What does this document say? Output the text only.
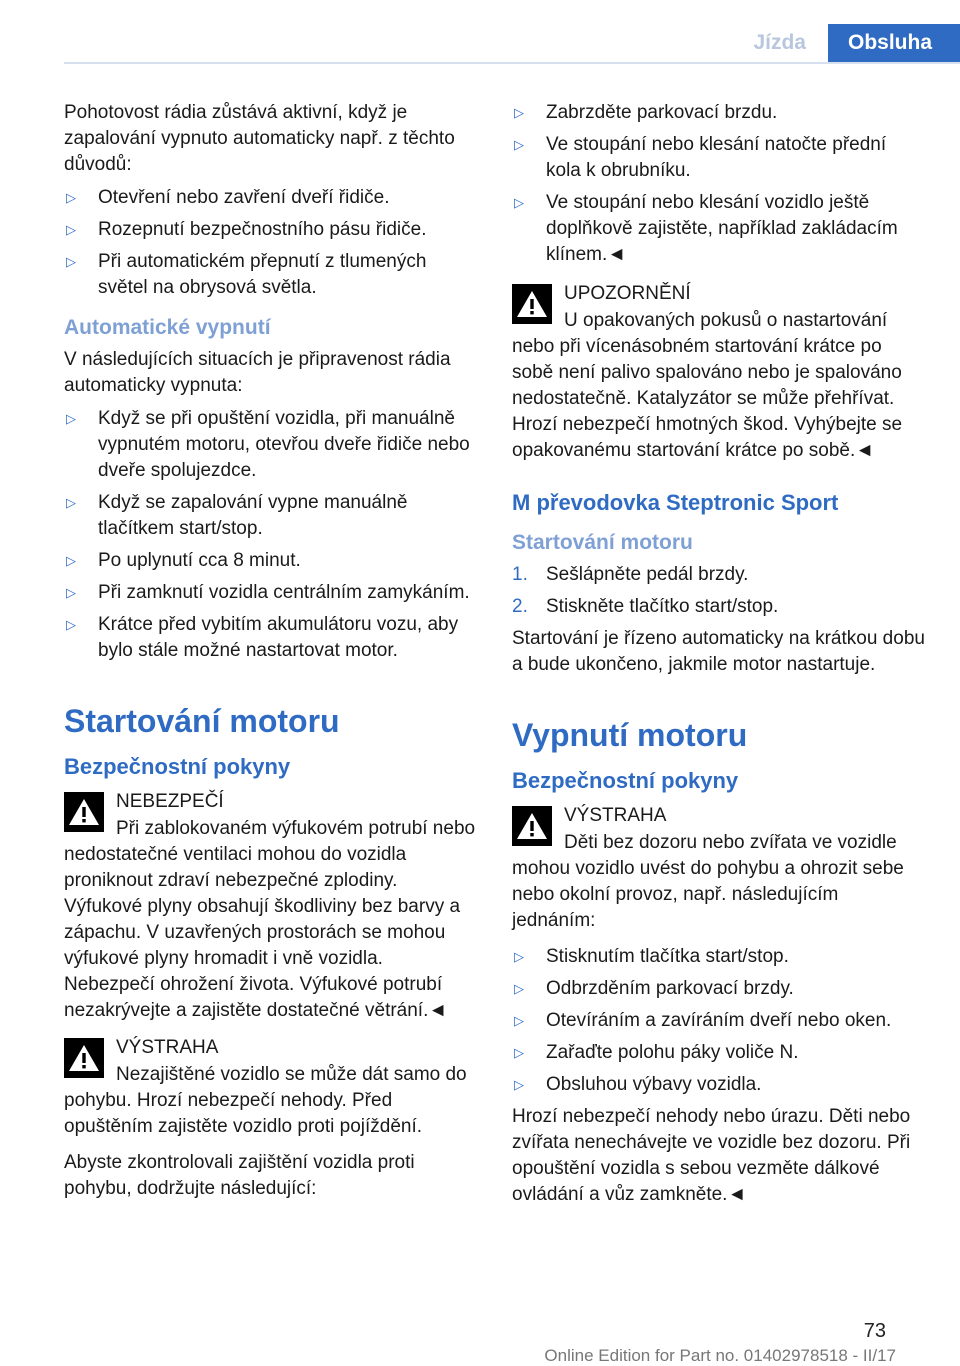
Jízda	Obsluha

Pohotovost rádia zůstává aktivní, když je zapalování vypnuto automaticky např. z těchto důvodů:

▷ Otevření nebo zavření dveří řidiče.
▷ Rozepnutí bezpečnostního pásu řidiče.
▷ Při automatickém přepnutí z tlumených světel na obrysová světla.
Automatické vypnutí

V následujících situacích je připravenost rádia automaticky vypnuta:

▷ Když se při opuštění vozidla, při manuálně vypnutém motoru, otevřou dveře řidiče nebo dveře spolujezdce.
▷ Když se zapalování vypne manuálně tlačítkem start/stop.
▷ Po uplynutí cca 8 minut.
▷ Při zamknutí vozidla centrálním zamykáním.
▷ Krátce před vybitím akumulátoru vozu, aby bylo stále možné nastartovat motor.
Startování motoru
Bezpečnostní pokyny
NEBEZPEČÍ
Při zablokovaném výfukovém potrubí nebo nedostatečné ventilaci mohou do vozidla proniknout zdraví nebezpečné zplodiny. Výfukové plyny obsahují škodliviny bez barvy a zápachu. V uzavřených prostorách se mohou výfukové plyny hromadit i vně vozidla. Nebezpečí ohrožení života. Výfukové potrubí nezakrývejte a zajistěte dostatečné větrání.◄
VÝSTRAHA
Nezajištěné vozidlo se může dát samo do pohybu. Hrozí nebezpečí nehody. Před opuštěním zajistěte vozidlo proti pojíždění.

Abyste zkontrolovali zajištění vozidla proti pohybu, dodržujte následující:

▷ Zabrzděte parkovací brzdu.
▷ Ve stoupání nebo klesání natočte přední kola k obrubníku.
▷ Ve stoupání nebo klesání vozidlo ještě doplňkově zajistěte, například zakládacím klínem.◄
UPOZORNĚNÍ
U opakovaných pokusů o nastartování nebo při vícenásobném startování krátce po sobě není palivo spalováno nebo je spalováno nedostatečně. Katalyzátor se může přehřívat. Hrozí nebezpečí hmotných škod. Vyhýbejte se opakovanému startování krátce po sobě.◄
M převodovka Steptronic Sport
Startování motoru
Sešlápněte pedál brzdy.
Stiskněte tlačítko start/stop.

Startování je řízeno automaticky na krátkou dobu a bude ukončeno, jakmile motor nastartuje.

Vypnutí motoru
Bezpečnostní pokyny
VÝSTRAHA
Děti bez dozoru nebo zvířata ve vozidle mohou vozidlo uvést do pohybu a ohrozit sebe nebo okolní provoz, např. následujícím jednáním:
▷ Stisknutím tlačítka start/stop.
▷ Odbrzděním parkovací brzdy.
▷ Otevíráním a zavíráním dveří nebo oken.
▷ Zařaďte polohu páky voliče N.
▷ Obsluhou výbavy vozidla.

Hrozí nebezpečí nehody nebo úrazu. Děti nebo zvířata nenechávejte ve vozidle bez dozoru. Při opouštění vozidla s sebou vezměte dálkové ovládání a vůz zamkněte.◄

73
Online Edition for Part no. 01402978518 - II/17
